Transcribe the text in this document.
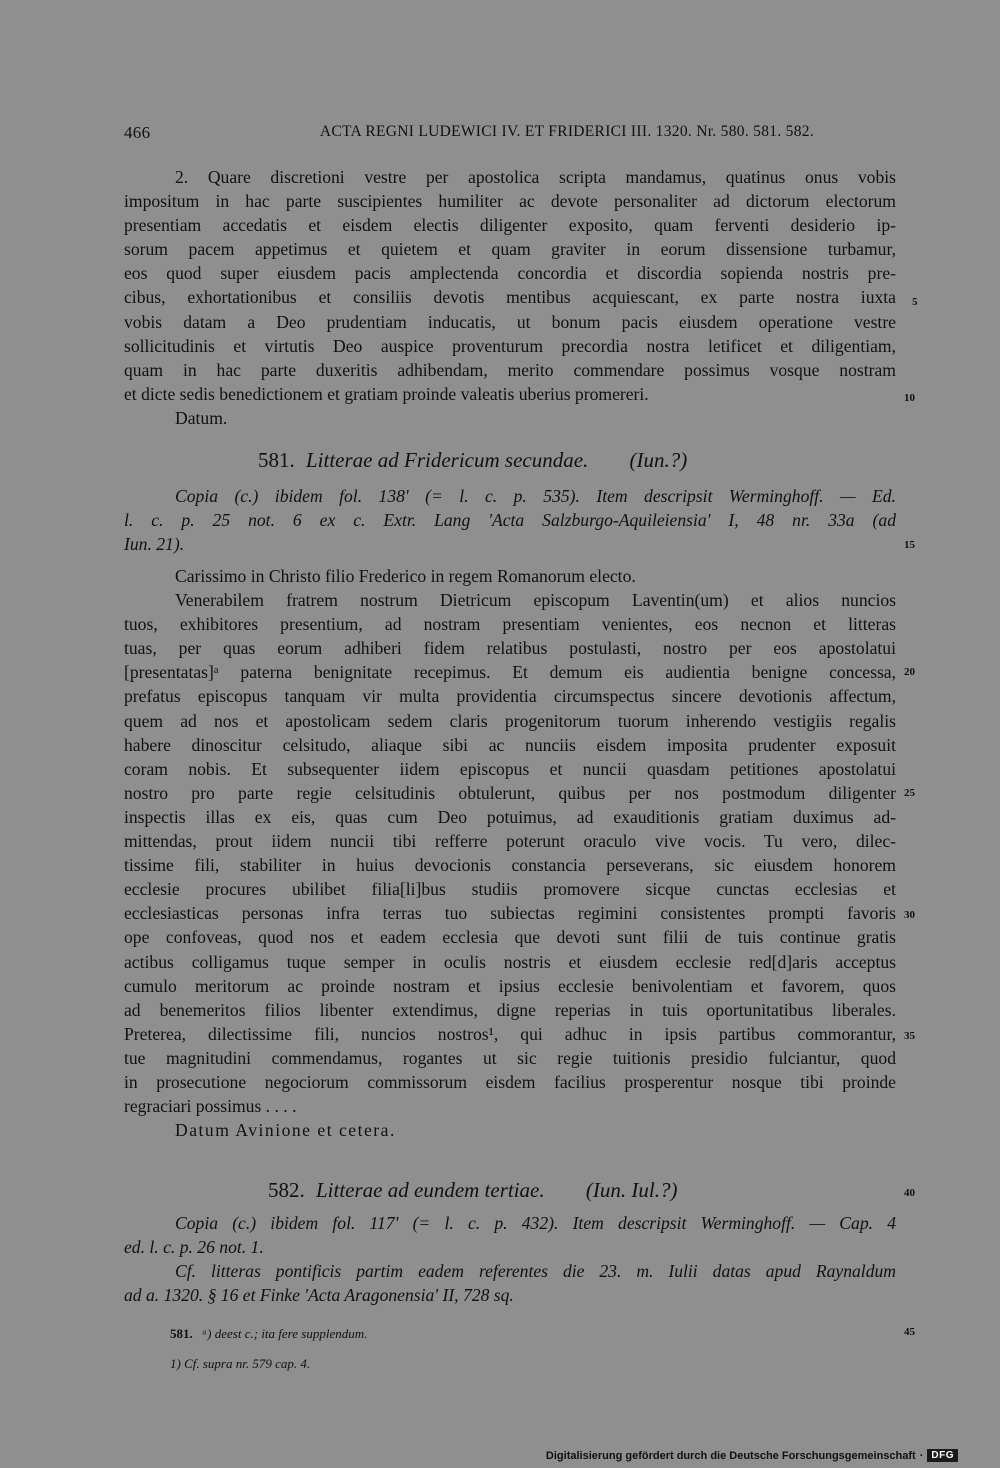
466	ACTA REGNI LUDEWICI IV. ET FRIDERICI III. 1320. Nr. 580. 581. 582.
2. Quare discretioni vestre per apostolica scripta mandamus, quatinus onus vobis
impositum in hac parte suscipientes humiliter ac devote personaliter ad dictorum electorum
presentiam accedatis et eisdem electis diligenter exposito, quam ferventi desiderio ip-
sorum pacem appetimus et quietem et quam graviter in eorum dissensione turbamur,
eos quod super eiusdem pacis amplectenda concordia et discordia sopienda nostris pre-
cibus, exhortationibus et consiliis devotis mentibus acquiescant, ex parte nostra iuxta
vobis datam a Deo prudentiam inducatis, ut bonum pacis eiusdem operatione vestre
sollicitudinis et virtutis Deo auspice proventurum precordia nostra letificet et diligentiam,
quam in hac parte duxeritis adhibendam, merito commendare possimus vosque nostram
et dicte sedis benedictionem et gratiam proinde valeatis uberius promereri.
Datum.
581. Litterae ad Fridericum secundae. (Iun.?)
Copia (c.) ibidem fol. 138' (= l. c. p. 535). Item descripsit Werminghoff. — Ed.
l. c. p. 25 not. 6 ex c. Extr. Lang 'Acta Salzburgo-Aquileiensia' I, 48 nr. 33a (ad
Iun. 21).
Carissimo in Christo filio Frederico in regem Romanorum electo.
Venerabilem fratrem nostrum Dietricum episcopum Laventin(um) et alios nuncios
tuos, exhibitores presentium, ad nostram presentiam venientes, eos necnon et litteras
tuas, per quas eorum adhiberi fidem relatibus postulasti, nostro per eos apostolatui
[presentatas]ᵃ paterna benignitate recepimus. Et demum eis audientia benigne concessa,
prefatus episcopus tanquam vir multa providentia circumspectus sincere devotionis affectum,
quem ad nos et apostolicam sedem claris progenitorum tuorum inherendo vestigiis regalis
habere dinoscitur celsitudo, aliaque sibi ac nunciis eisdem imposita prudenter exposuit
coram nobis. Et subsequenter iidem episcopus et nuncii quasdam petitiones apostolatui
nostro pro parte regie celsitudinis obtulerunt, quibus per nos postmodum diligenter
inspectis illas ex eis, quas cum Deo potuimus, ad exauditionis gratiam duximus ad-
mittendas, prout iidem nuncii tibi refferre poterunt oraculo vive vocis. Tu vero, dilec-
tissime fili, stabiliter in huius devocionis constancia perseverans, sic eiusdem honorem
ecclesie procures ubilibet filia[li]bus studiis promovere sicque cunctas ecclesias et
ecclesiasticas personas infra terras tuo subiectas regimini consistentes prompti favoris
ope confoveas, quod nos et eadem ecclesia que devoti sunt filii de tuis continue gratis
actibus colligamus tuque semper in oculis nostris et eiusdem ecclesie red[d]aris acceptus
cumulo meritorum ac proinde nostram et ipsius ecclesie benivolentiam et favorem, quos
ad benemeritos filios libenter extendimus, digne reperias in tuis oportunitatibus liberales.
Preterea, dilectissime fili, nuncios nostros¹, qui adhuc in ipsis partibus commorantur,
tue magnitudini commendamus, rogantes ut sic regie tuitionis presidio fulciantur, quod
in prosecutione negociorum commissorum eisdem facilius prosperentur nosque tibi proinde
regraciari possimus . . . .
Datum Avinione et cetera.
582. Litterae ad eundem tertiae. (Iun. Iul.?)
Copia (c.) ibidem fol. 117' (= l. c. p. 432). Item descripsit Werminghoff. — Cap. 4
ed. l. c. p. 26 not. 1.
Cf. litteras pontificis partim eadem referentes die 23. m. Iulii datas apud Raynaldum
ad a. 1320. § 16 et Finke 'Acta Aragonensia' II, 728 sq.
581. ᵃ) deest c.; ita fere supplendum.
1) Cf. supra nr. 579 cap. 4.
5
10
15
20
25
30
35
40
45
Digitalisierung gefördert durch die Deutsche Forschungsgemeinschaft · DFG
